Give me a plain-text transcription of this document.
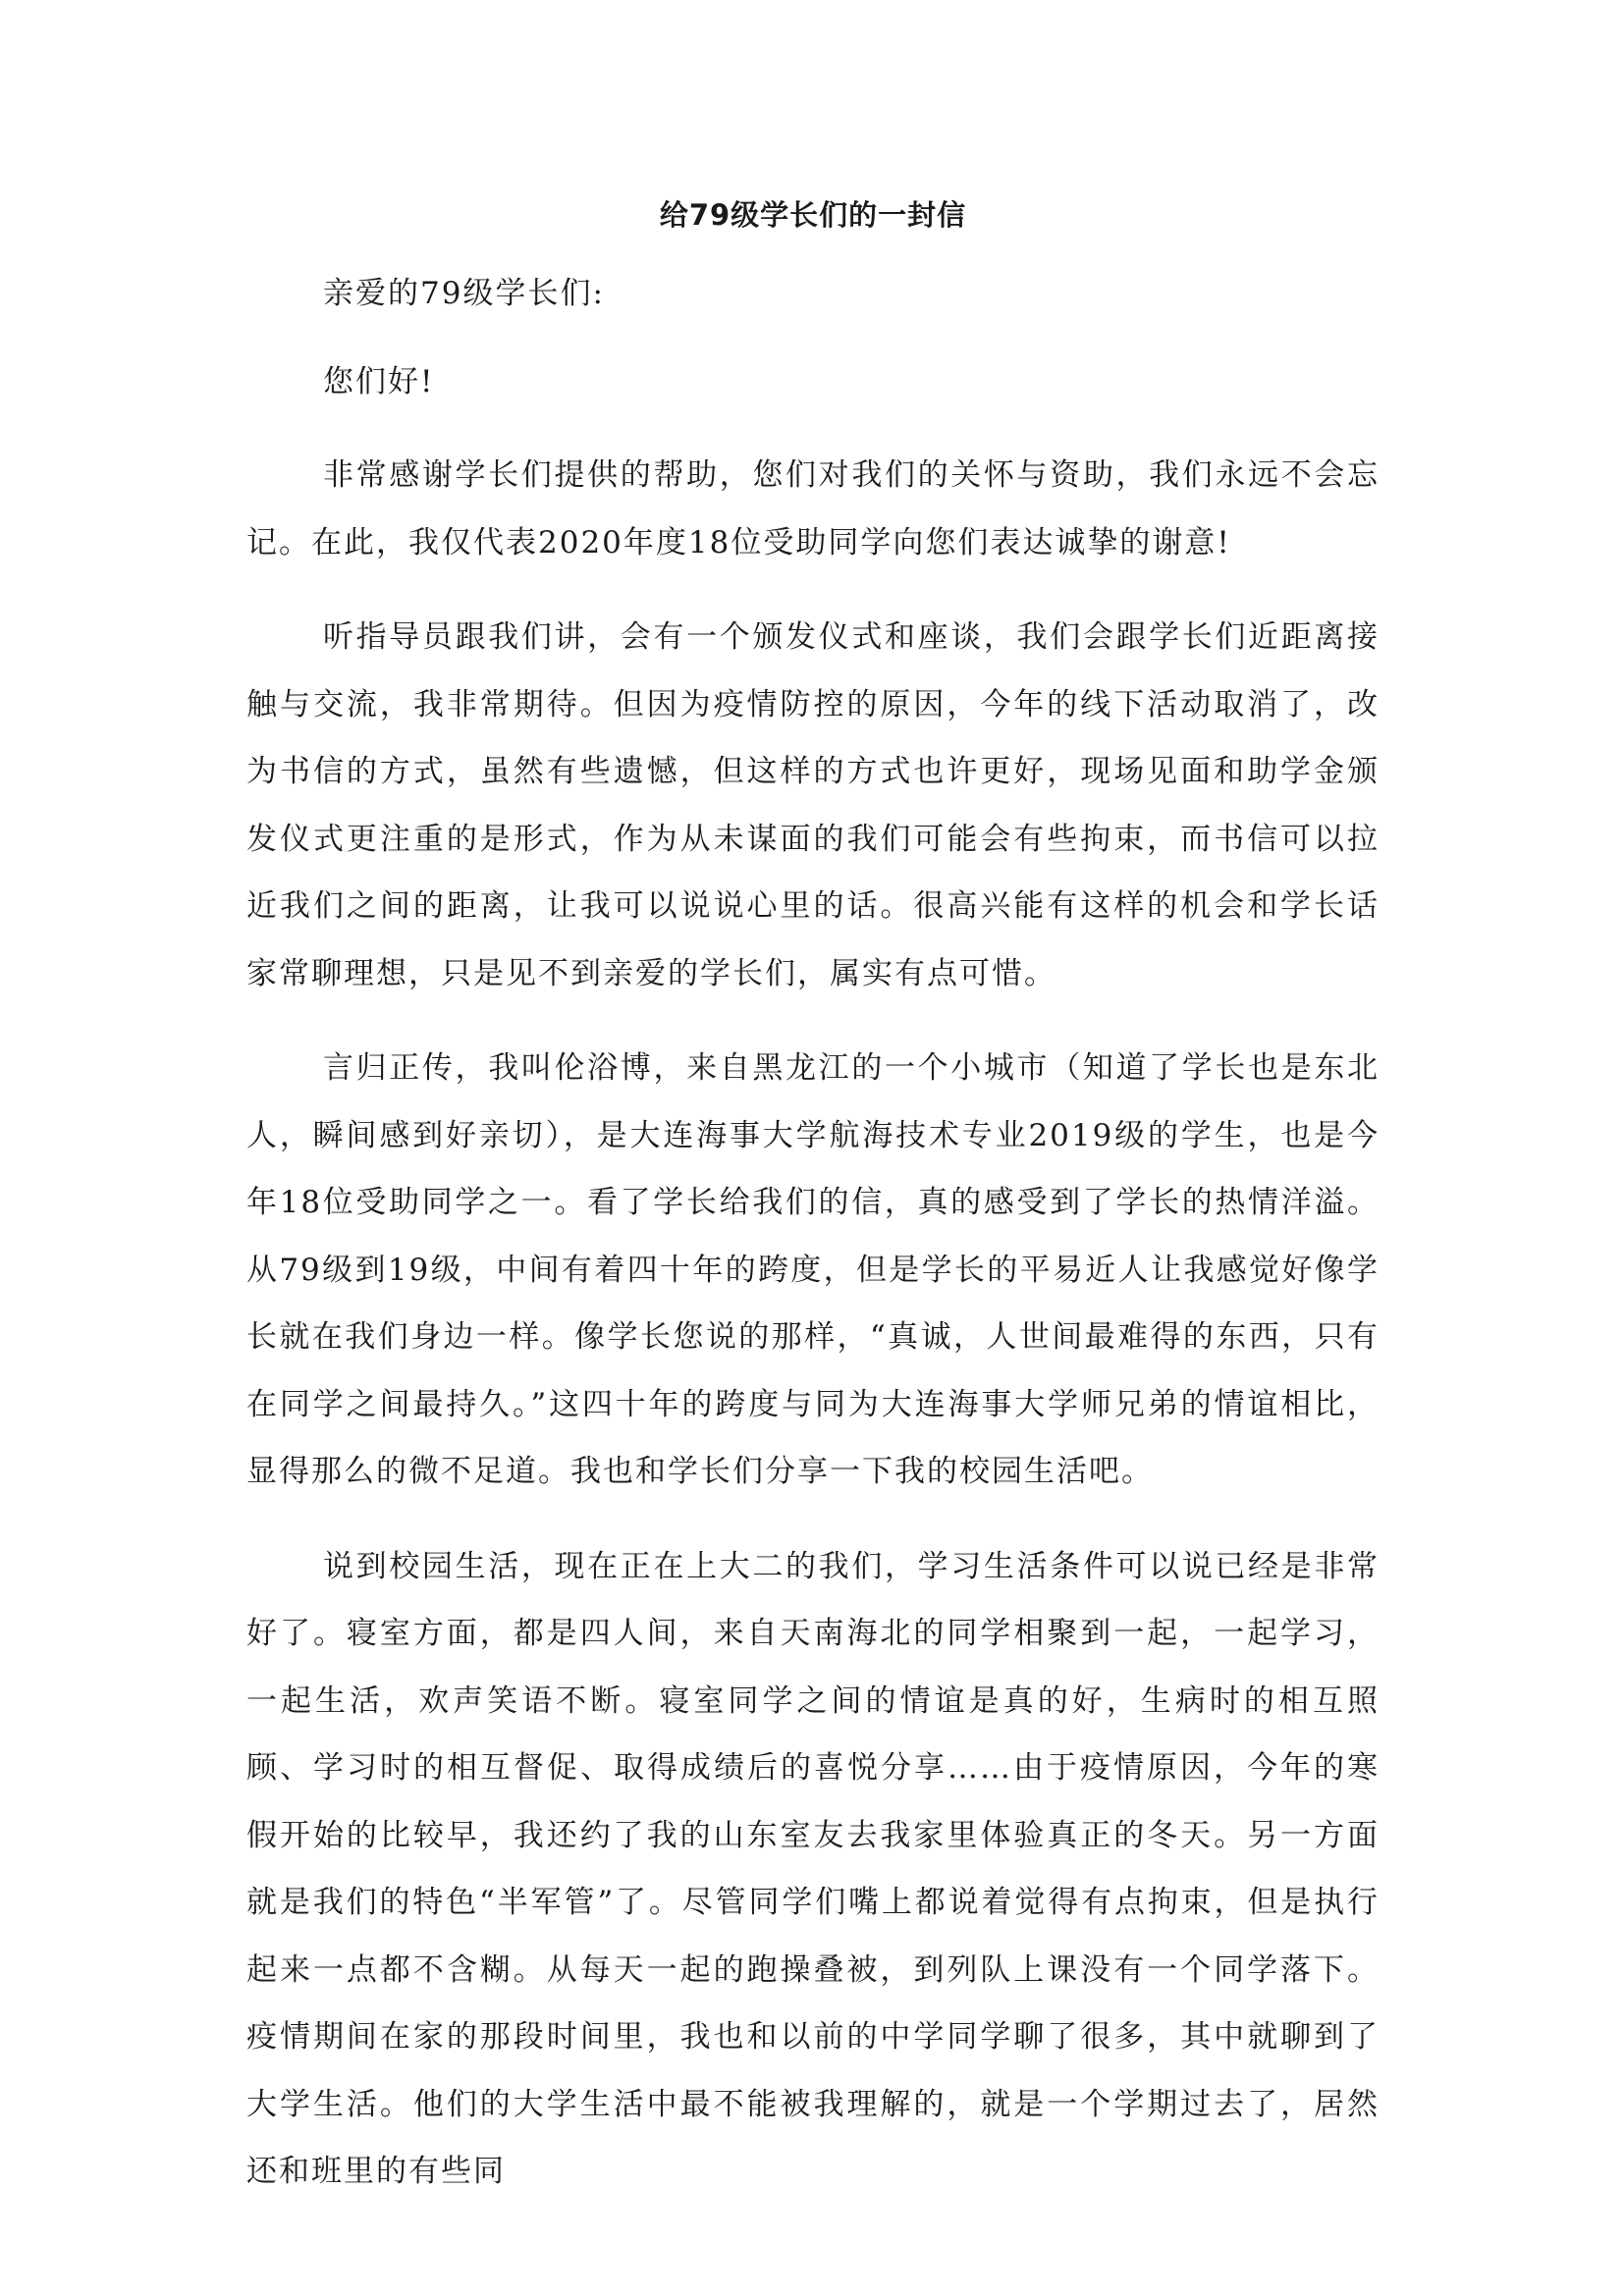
给79级学长们的一封信

亲爱的79级学长们:

您们好!

非常感谢学长们提供的帮助，您们对我们的关怀与资助，我们永远不会忘记。在此，我仅代表2020年度18位受助同学向您们表达诚挚的谢意!

听指导员跟我们讲，会有一个颁发仪式和座谈，我们会跟学长们近距离接触与交流，我非常期待。但因为疫情防控的原因，今年的线下活动取消了，改为书信的方式，虽然有些遗憾，但这样的方式也许更好，现场见面和助学金颁发仪式更注重的是形式，作为从未谋面的我们可能会有些拘束，而书信可以拉近我们之间的距离，让我可以说说心里的话。很高兴能有这样的机会和学长话家常聊理想，只是见不到亲爱的学长们，属实有点可惜。

言归正传，我叫伦浴博，来自黑龙江的一个小城市（知道了学长也是东北人，瞬间感到好亲切），是大连海事大学航海技术专业2019级的学生，也是今年18位受助同学之一。看了学长给我们的信，真的感受到了学长的热情洋溢。从79级到19级，中间有着四十年的跨度，但是学长的平易近人让我感觉好像学长就在我们身边一样。像学长您说的那样，“真诚，人世间最难得的东西，只有在同学之间最持久。”这四十年的跨度与同为大连海事大学师兄弟的情谊相比，显得那么的微不足道。我也和学长们分享一下我的校园生活吧。

说到校园生活，现在正在上大二的我们，学习生活条件可以说已经是非常好了。寝室方面，都是四人间，来自天南海北的同学相聚到一起，一起学习，一起生活，欢声笑语不断。寝室同学之间的情谊是真的好，生病时的相互照顾、学习时的相互督促、取得成绩后的喜悦分享……由于疫情原因，今年的寒假开始的比较早，我还约了我的山东室友去我家里体验真正的冬天。另一方面就是我们的特色“半军管”了。尽管同学们嘴上都说着觉得有点拘束，但是执行起来一点都不含糊。从每天一起的跑操叠被，到列队上课没有一个同学落下。疫情期间在家的那段时间里，我也和以前的中学同学聊了很多，其中就聊到了大学生活。他们的大学生活中最不能被我理解的，就是一个学期过去了，居然还和班里的有些同
